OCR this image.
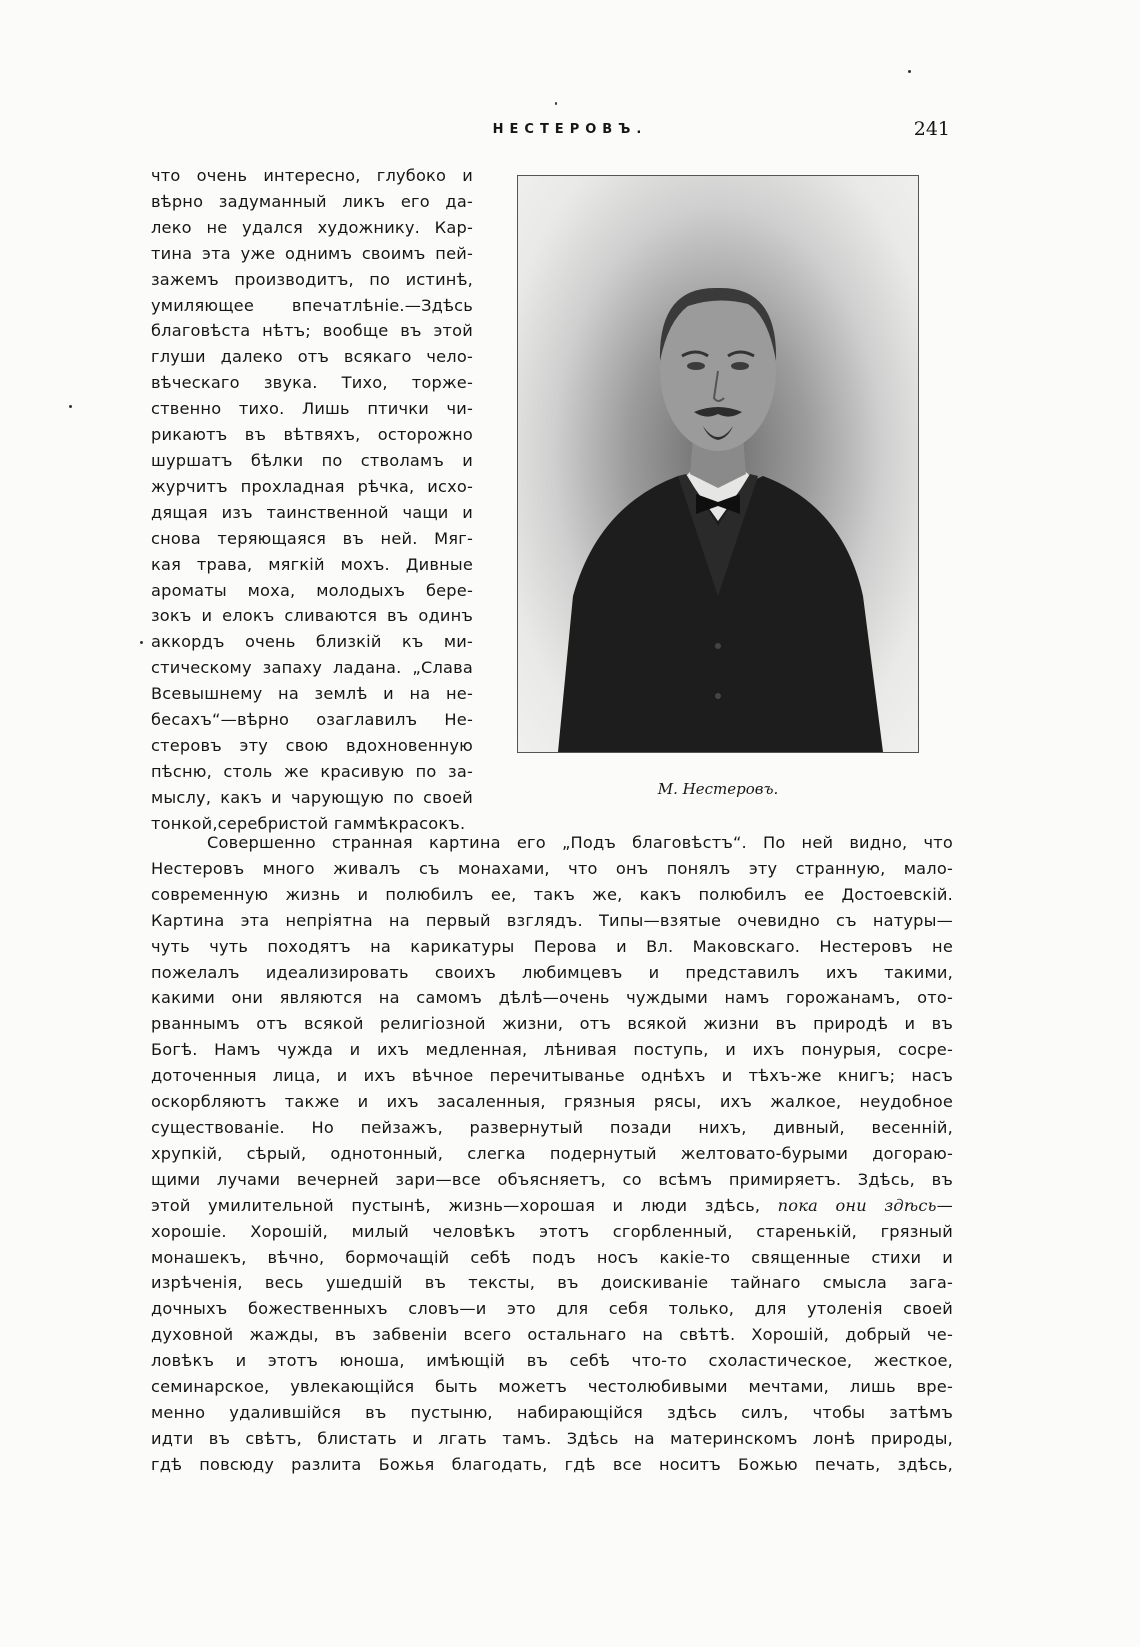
НЕСТЕРОВЪ.	241
что очень интересно, глубоко и
вѣрно задуманный ликъ его да-
леко не удался художнику. Кар-
тина эта уже однимъ своимъ пей-
зажемъ производитъ, по истинѣ,
умиляющее впечатлѣніе.—Здѣсь
благовѣста нѣтъ; вообще въ этой
глуши далеко отъ всякаго чело-
вѣческаго звука. Тихо, торже-
ственно тихо. Лишь птички чи-
рикаютъ въ вѣтвяхъ, осторожно
шуршатъ бѣлки по стволамъ и
журчитъ прохладная рѣчка, исхо-
дящая изъ таинственной чащи и
снова теряющаяся въ ней. Мяг-
кая трава, мягкій мохъ. Дивные
ароматы моха, молодыхъ бере-
зокъ и елокъ сливаются въ одинъ
аккордъ очень близкій къ ми-
стическому запаху ладана. „Слава
Всевышнему на землѣ и на не-
бесахъ“—вѣрно озаглавилъ Не-
стеровъ эту свою вдохновенную
пѣсню, столь же красивую по за-
мыслу, какъ и чарующую по своей
тонкой,серебристой гаммѣкрасокъ.
М. Нестеровъ.
Совершенно странная картина его „Подъ благовѣстъ“. По ней видно, что
Нестеровъ много живалъ съ монахами, что онъ понялъ эту странную, мало-
современную жизнь и полюбилъ ее, такъ же, какъ полюбилъ ее Достоевскій.
Картина эта непріятна на первый взглядъ. Типы—взятые очевидно съ натуры—
чуть чуть походятъ на карикатуры Перова и Вл. Маковскаго. Нестеровъ не
пожелалъ идеализировать своихъ любимцевъ и представилъ ихъ такими,
какими они являются на самомъ дѣлѣ—очень чуждыми намъ горожанамъ, ото-
рваннымъ отъ всякой религіозной жизни, отъ всякой жизни въ природѣ и въ
Богѣ. Намъ чужда и ихъ медленная, лѣнивая поступь, и ихъ понурыя, сосре-
доточенныя лица, и ихъ вѣчное перечитыванье однѣхъ и тѣхъ-же книгъ; насъ
оскорбляютъ также и ихъ засаленныя, грязныя рясы, ихъ жалкое, неудобное
существованіе. Но пейзажъ, развернутый позади нихъ, дивный, весенній,
хрупкій, сѣрый, однотонный, слегка подернутый желтовато-бурыми догораю-
щими лучами вечерней зари—все объясняетъ, со всѣмъ примиряетъ. Здѣсь, въ
этой умилительной пустынѣ, жизнь—хорошая и люди здѣсь, пока они здѣсь—
хорошіе. Хорошій, милый человѣкъ этотъ сгорбленный, старенькій, грязный
монашекъ, вѣчно, бормочащій себѣ подъ носъ какіе-то священные стихи и
изрѣченія, весь ушедшій въ тексты, въ доискиваніе тайнаго смысла зага-
дочныхъ божественныхъ словъ—и это для себя только, для утоленія своей
духовной жажды, въ забвеніи всего остальнаго на свѣтѣ. Хорошій, добрый че-
ловѣкъ и этотъ юноша, имѣющій въ себѣ что-то схоластическое, жесткое,
семинарское, увлекающійся быть можетъ честолюбивыми мечтами, лишь вре-
менно удалившійся въ пустыню, набирающійся здѣсь силъ, чтобы затѣмъ
идти въ свѣтъ, блистать и лгать тамъ. Здѣсь на материнскомъ лонѣ природы,
гдѣ повсюду разлита Божья благодать, гдѣ все носитъ Божью печать, здѣсь,
